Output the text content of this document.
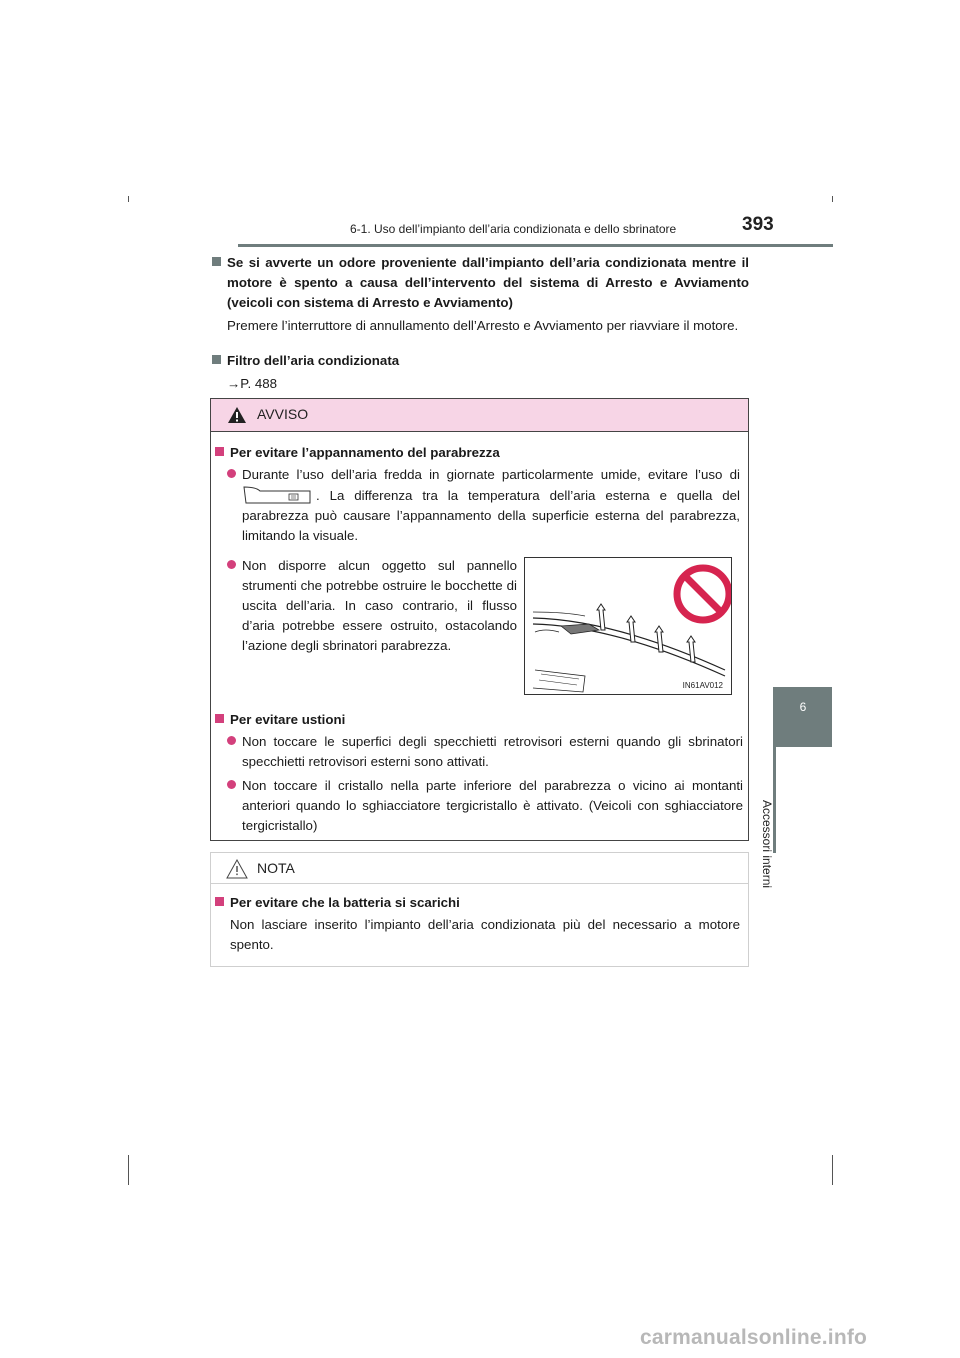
6-1. Uso dell’impianto dell’aria condizionata e dello sbrinatore	393
6
Accessori interni
Se si avverte un odore proveniente dall’impianto dell’aria condizionata mentre il motore è spento a causa dell’intervento del sistema di Arresto e Avviamento (veicoli con sistema di Arresto e Avviamento)
Premere l’interruttore di annullamento dell’Arresto e Avviamento per riavviare il motore.
Filtro dell’aria condizionata
→P. 488
AVVISO
Per evitare l’appannamento del parabrezza
Durante l’uso dell’aria fredda in giornate particolarmente umide, evitare l’uso di . La differenza tra la temperatura dell’aria esterna e quella del parabrezza può causare l’appannamento della superficie esterna del parabrezza, limitando la visuale.
Non disporre alcun oggetto sul pannello strumenti che potrebbe ostruire le bocchette di uscita dell’aria. In caso contrario, il flusso d’aria potrebbe essere ostruito, ostacolando l’azione degli sbrinatori parabrezza.
Per evitare ustioni
Non toccare le superfici degli specchietti retrovisori esterni quando gli sbrinatori specchietti retrovisori esterni sono attivati.
Non toccare il cristallo nella parte inferiore del parabrezza o vicino ai montanti anteriori quando lo sghiacciatore tergicristallo è attivato. (Veicoli con sghiacciatore tergicristallo)
IN61AV012
NOTA
Per evitare che la batteria si scarichi
Non lasciare inserito l’impianto dell’aria condizionata più del necessario a motore spento.
carmanualsonline.info
